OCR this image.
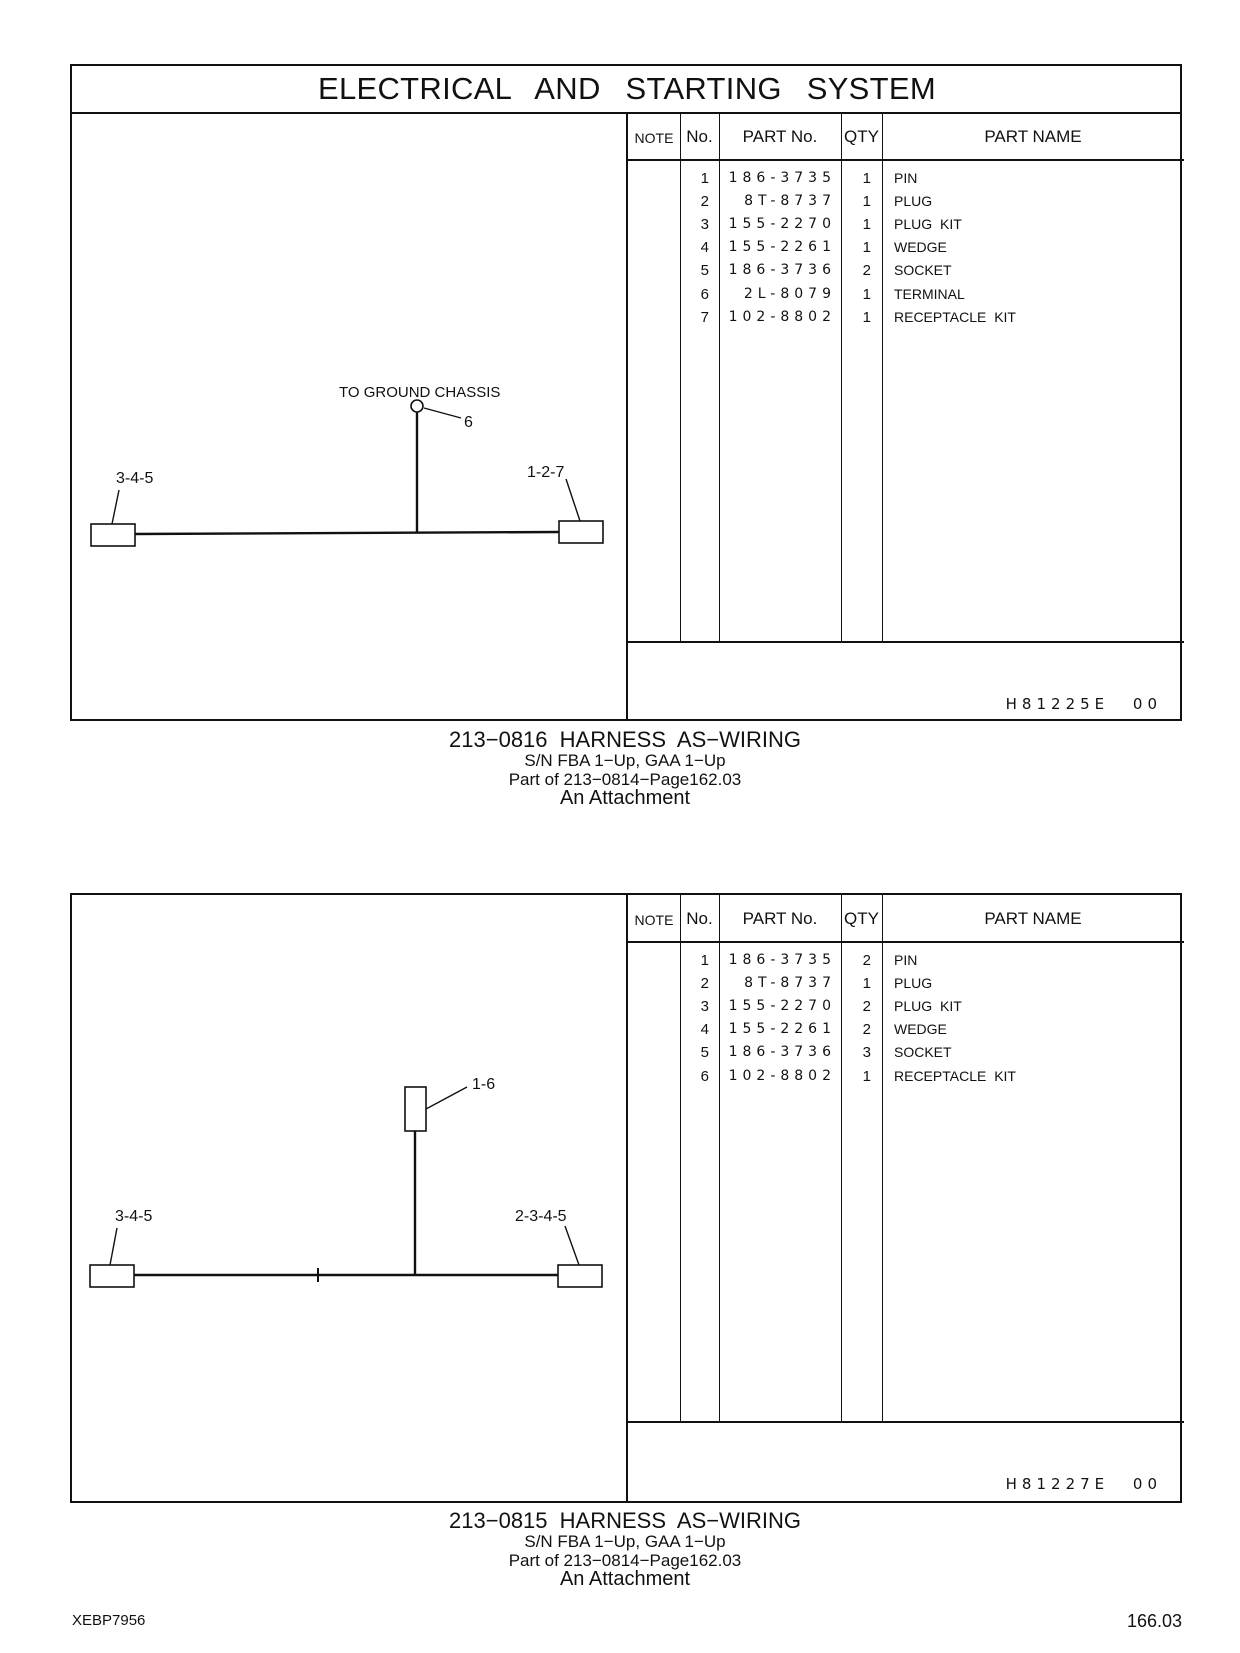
ELECTRICAL AND STARTING SYSTEM
TO GROUND CHASSIS
6
3-4-5	1-2-7
NOTE No.	PART No.	QTY	PART NAME
1	186-3735	1 PIN
2	8T-8737	1 PLUG
3	155-2270	1 PLUG KIT
4	155-2261	1 WEDGE
5	186-3736	2 SOCKET
6	2L-8079	1 TERMINAL
7	102-8802	1 RECEPTACLE KIT
H81225E 00
213−0816 HARNESS AS−WIRING
S/N FBA 1−Up, GAA 1−Up
Part of 213−0814−Page162.03
An Attachment
1-6
3-4-5	2-3-4-5
NOTE No.	PART No.	QTY	PART NAME
1	186-3735	2 PIN
2	8T-8737	1 PLUG
3	155-2270	2 PLUG KIT
4	155-2261	2 WEDGE
5	186-3736	3 SOCKET
6	102-8802	1 RECEPTACLE KIT
H81227E 00
213−0815 HARNESS AS−WIRING
S/N FBA 1−Up, GAA 1−Up
Part of 213−0814−Page162.03
An Attachment
XEBP7956	166.03
